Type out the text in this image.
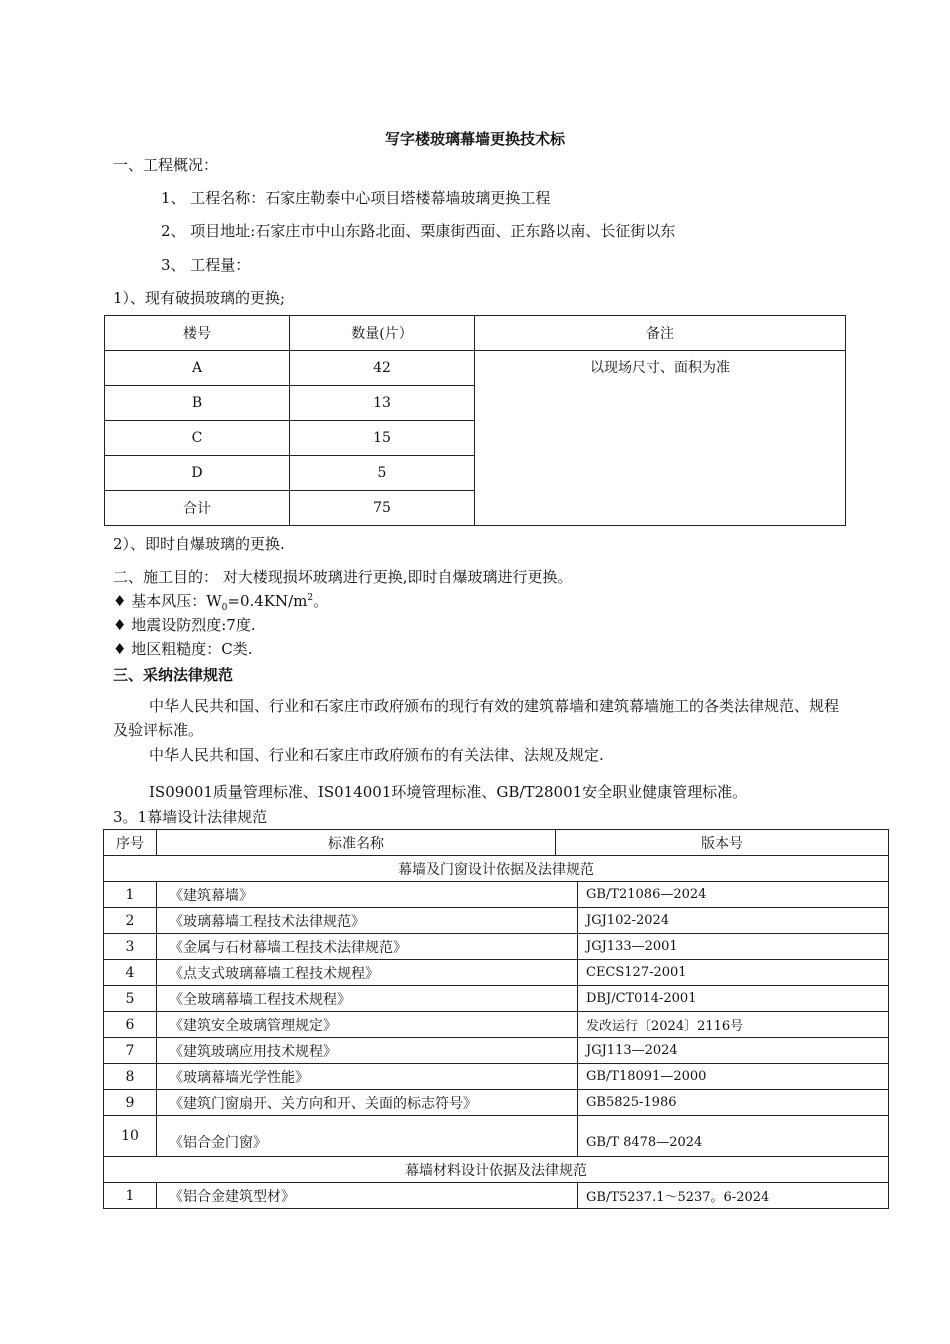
写字楼玻璃幕墙更换技术标
一、工程概况：
1、 工程名称：石家庄勒泰中心项目塔楼幕墙玻璃更换工程
2、 项目地址:石家庄市中山东路北面、栗康街西面、正东路以南、长征街以东
3、 工程量：
1）、现有破损玻璃的更换;
楼号	数量(片）	备注
A	42	以现场尺寸、面积为准
B	13	
C	15	
D	5	
合计	75	
2）、即时自爆玻璃的更换.
二、施工目的： 对大楼现损坏玻璃进行更换,即时自爆玻璃进行更换。
♦ 基本风压：$W_0=0.4KN/m^2$。
♦ 地震设防烈度:7度.
♦ 地区粗糙度：C类.
三、采纳法律规范
中华人民共和国、行业和石家庄市政府颁布的现行有效的建筑幕墙和建筑幕墙施工的各类法律规范、规程及验评标准。
中华人民共和国、行业和石家庄市政府颁布的有关法律、法规及规定.
IS09001质量管理标准、IS014001环境管理标准、GB/T28001安全职业健康管理标准。
3。1幕墙设计法律规范
序号	标准名称	版本号	
幕墙及门窗设计依据及法律规范			
1	《建筑幕墙》		GB/T21086—2024
2	《玻璃幕墙工程技术法律规范》		JGJ102-2024
3	《金属与石材幕墙工程技术法律规范》		JGJ133—2001
4	《点支式玻璃幕墙工程技术规程》		CECS127-2001
5	《全玻璃幕墙工程技术规程》		DBJ/CT014-2001
6	《建筑安全玻璃管理规定》		发改运行〔2024〕2116号
7	《建筑玻璃应用技术规程》		JGJ113—2024
8	《玻璃幕墙光学性能》		GB/T18091—2000
9	《建筑门窗扇开、关方向和开、关面的标志符号》		GB5825-1986
10	《铝合金门窗》		GB/T 8478—2024
幕墙材料设计依据及法律规范			
1	《铝合金建筑型材》		GB/T5237.1～5237。6-2024
